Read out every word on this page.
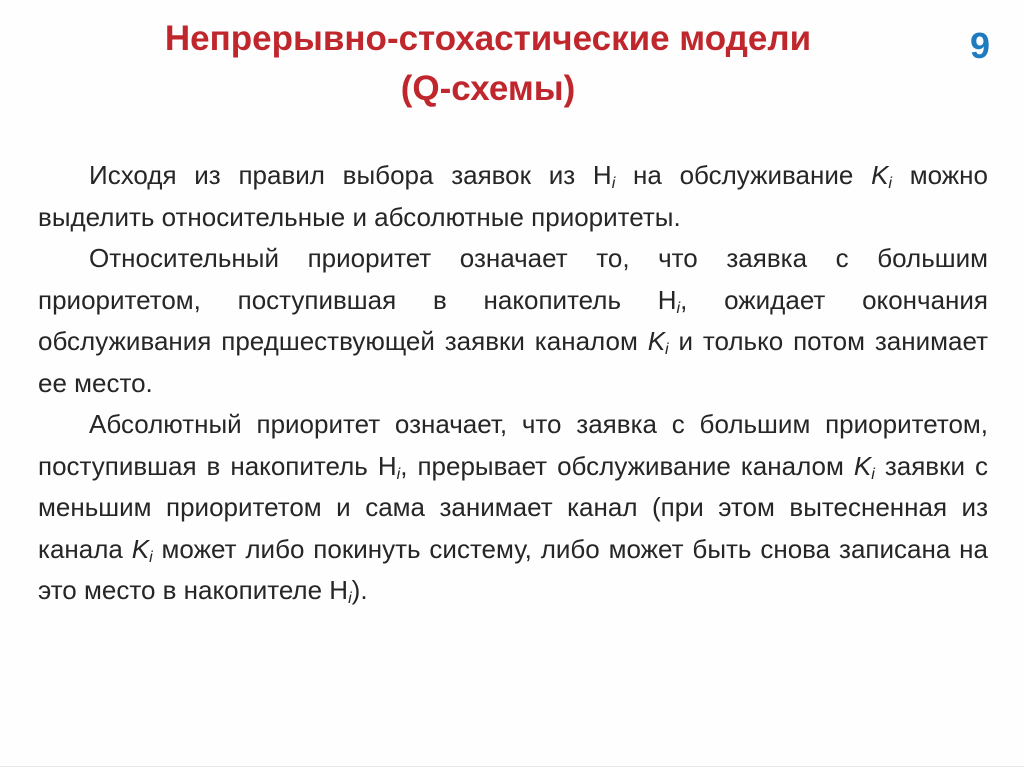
Непрерывно-стохастические модели
(Q-схемы)
9

Исходя из правил выбора заявок из $H_i$ на обслуживание $K_i$ можно выделить относительные и абсолютные приоритеты.

Относительный приоритет означает то, что заявка с большим приоритетом, поступившая в накопитель $H_i$, ожидает окончания обслуживания предшествующей заявки каналом $K_i$ и только потом занимает ее место.

Абсолютный приоритет означает, что заявка с большим приоритетом, поступившая в накопитель $H_i$, прерывает обслуживание каналом $K_i$ заявки с меньшим приоритетом и сама занимает канал (при этом вытесненная из канала $K_i$ может либо покинуть систему, либо может быть снова записана на это место в накопителе $H_i$).
